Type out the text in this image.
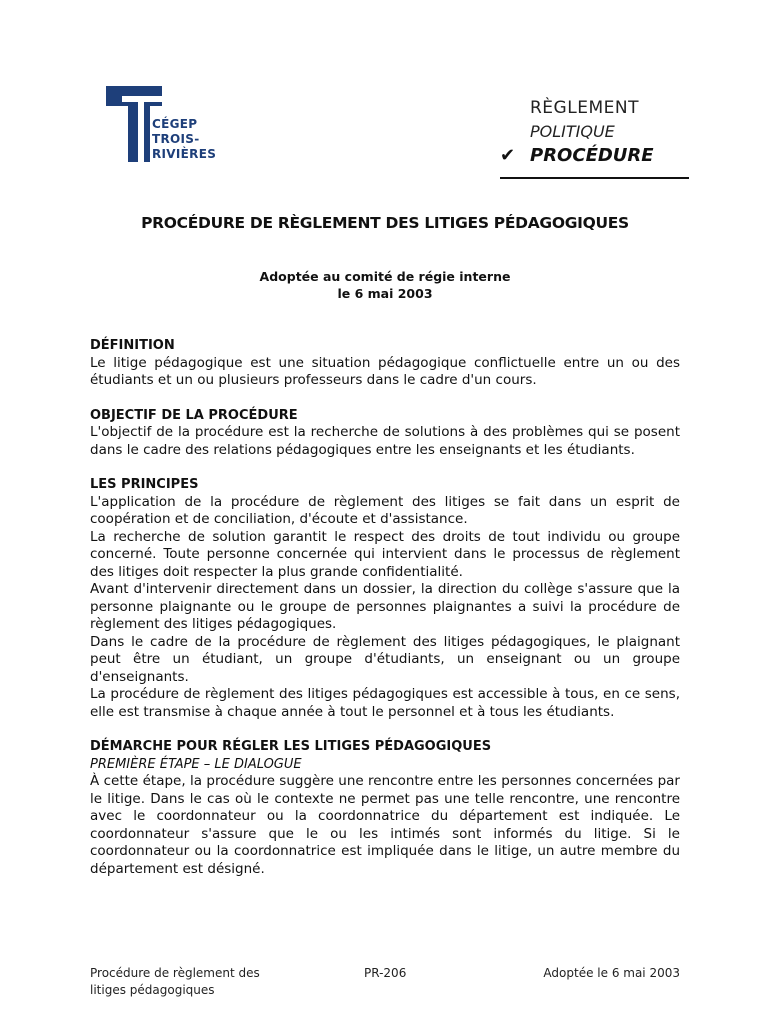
CÉGEP
TROIS-
RIVIÈRES
RÈGLEMENT
POLITIQUE
✔ PROCÉDURE
PROCÉDURE DE RÈGLEMENT DES LITIGES PÉDAGOGIQUES
Adoptée au comité de régie interne
le 6 mai 2003
DÉFINITION

Le litige pédagogique est une situation pédagogique conflictuelle entre un ou des étudiants et un ou plusieurs professeurs dans le cadre d'un cours.

OBJECTIF DE LA PROCÉDURE

L'objectif de la procédure est la recherche de solutions à des problèmes qui se posent dans le cadre des relations pédagogiques entre les enseignants et les étudiants.

LES PRINCIPES

L'application de la procédure de règlement des litiges se fait dans un esprit de coopération et de conciliation, d'écoute et d'assistance.

La recherche de solution garantit le respect des droits de tout individu ou groupe concerné. Toute personne concernée qui intervient dans le processus de règlement des litiges doit respecter la plus grande confidentialité.

Avant d'intervenir directement dans un dossier, la direction du collège s'assure que la personne plaignante ou le groupe de personnes plaignantes a suivi la procédure de règlement des litiges pédagogiques.

Dans le cadre de la procédure de règlement des litiges pédagogiques, le plaignant peut être un étudiant, un groupe d'étudiants, un enseignant ou un groupe d'enseignants.

La procédure de règlement des litiges pédagogiques est accessible à tous, en ce sens, elle est transmise à chaque année à tout le personnel et à tous les étudiants.

DÉMARCHE POUR RÉGLER LES LITIGES PÉDAGOGIQUES
PREMIÈRE ÉTAPE – LE DIALOGUE

À cette étape, la procédure suggère une rencontre entre les personnes concernées par le litige. Dans le cas où le contexte ne permet pas une telle rencontre, une rencontre avec le coordonnateur ou la coordonnatrice du département est indiquée. Le coordonnateur s'assure que le ou les intimés sont informés du litige. Si le coordonnateur ou la coordonnatrice est impliquée dans le litige, un autre membre du département est désigné.

Procédure de règlement des litiges pédagogiques
PR-206	Adoptée le 6 mai 2003
